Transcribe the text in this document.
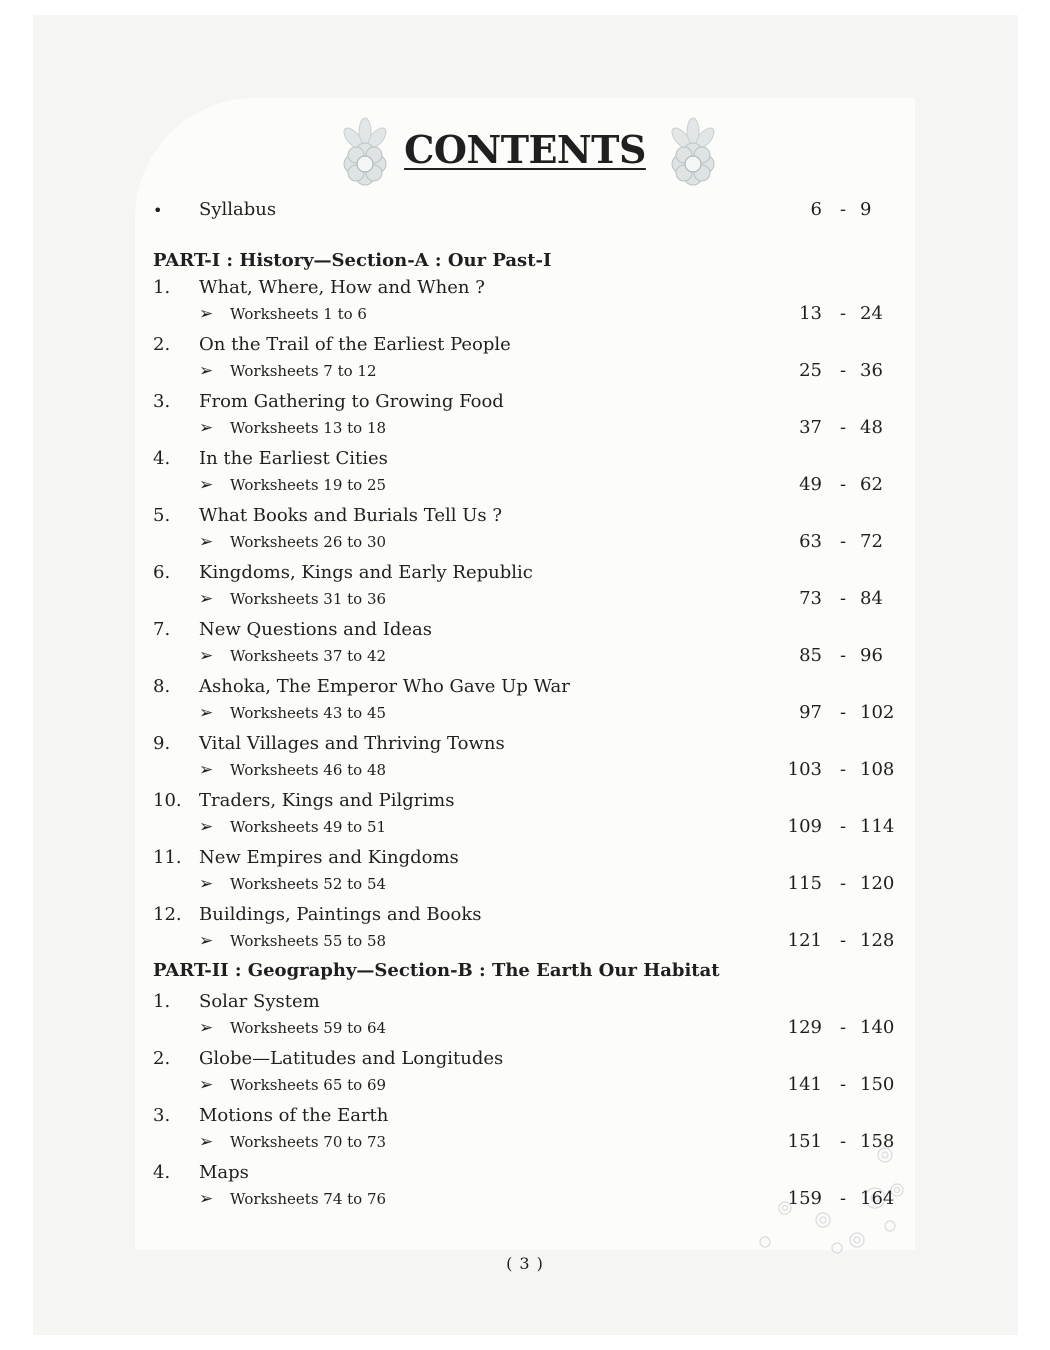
CONTENTS
• Syllabus	6 - 9
PART-I : History—Section-A : Our Past-I
1. What, Where, How and When ?
➢ Worksheets 1 to 6	13 - 24
2. On the Trail of the Earliest People
➢ Worksheets 7 to 12	25 - 36
3. From Gathering to Growing Food
➢ Worksheets 13 to 18	37 - 48
4. In the Earliest Cities
➢ Worksheets 19 to 25	49 - 62
5. What Books and Burials Tell Us ?
➢ Worksheets 26 to 30	63 - 72
6. Kingdoms, Kings and Early Republic
➢ Worksheets 31 to 36	73 - 84
7. New Questions and Ideas
➢ Worksheets 37 to 42	85 - 96
8. Ashoka, The Emperor Who Gave Up War
➢ Worksheets 43 to 45	97 - 102
9. Vital Villages and Thriving Towns
➢ Worksheets 46 to 48	103 - 108
10. Traders, Kings and Pilgrims
➢ Worksheets 49 to 51	109 - 114
11. New Empires and Kingdoms
➢ Worksheets 52 to 54	115 - 120
12. Buildings, Paintings and Books
➢ Worksheets 55 to 58	121 - 128
PART-II : Geography—Section-B : The Earth Our Habitat
1. Solar System
➢ Worksheets 59 to 64	129 - 140
2. Globe—Latitudes and Longitudes
➢ Worksheets 65 to 69	141 - 150
3. Motions of the Earth
➢ Worksheets 70 to 73	151 - 158
4. Maps
➢ Worksheets 74 to 76	159 - 164
( 3 )
